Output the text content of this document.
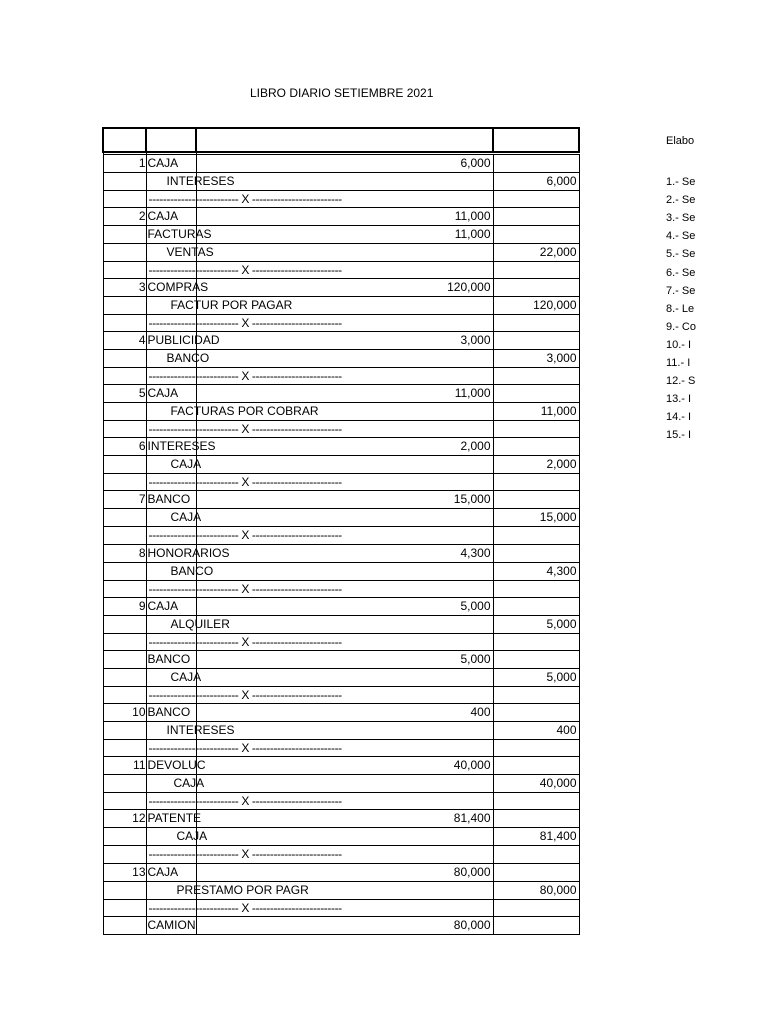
LIBRO DIARIO SETIEMBRE 2021

1	CAJA	6,000	

	INTERESES		6,000

	------------------------- X -------------------------		

2	CAJA	11,000	

	FACTURAS	11,000	

	VENTAS		22,000

	------------------------- X -------------------------		

3	COMPRAS	120,000	

	FACTUR POR PAGAR		120,000

	------------------------- X -------------------------		

4	PUBLICIDAD	3,000	

	BANCO		3,000

	------------------------- X -------------------------		

5	CAJA	11,000	

	FACTURAS POR COBRAR		11,000

	------------------------- X -------------------------		

6	INTERESES	2,000	

	CAJA		2,000

	------------------------- X -------------------------		

7	BANCO	15,000	

	CAJA		15,000

	------------------------- X -------------------------		

8	HONORARIOS	4,300	

	BANCO		4,300

	------------------------- X -------------------------		

9	CAJA	5,000	

	ALQUILER		5,000

	------------------------- X -------------------------		

	BANCO	5,000	

	CAJA		5,000

	------------------------- X -------------------------		

10	BANCO	400	

	INTERESES		400

	------------------------- X -------------------------		

11	DEVOLUC	40,000	

	CAJA		40,000

	------------------------- X -------------------------		

12	PATENTE	81,400	

	CAJA		81,400

	------------------------- X -------------------------		

13	CAJA	80,000	

	PRESTAMO POR PAGR		80,000

	------------------------- X -------------------------		

	CAMION	80,000	
Elabo
1.- Se
2.- Se
3.- Se
4.- Se
5.- Se
6.- Se
7.- Se
8.- Le
9.- Co
10.- I
11.- I
12.- S
13.- I
14.- I
15.- I
